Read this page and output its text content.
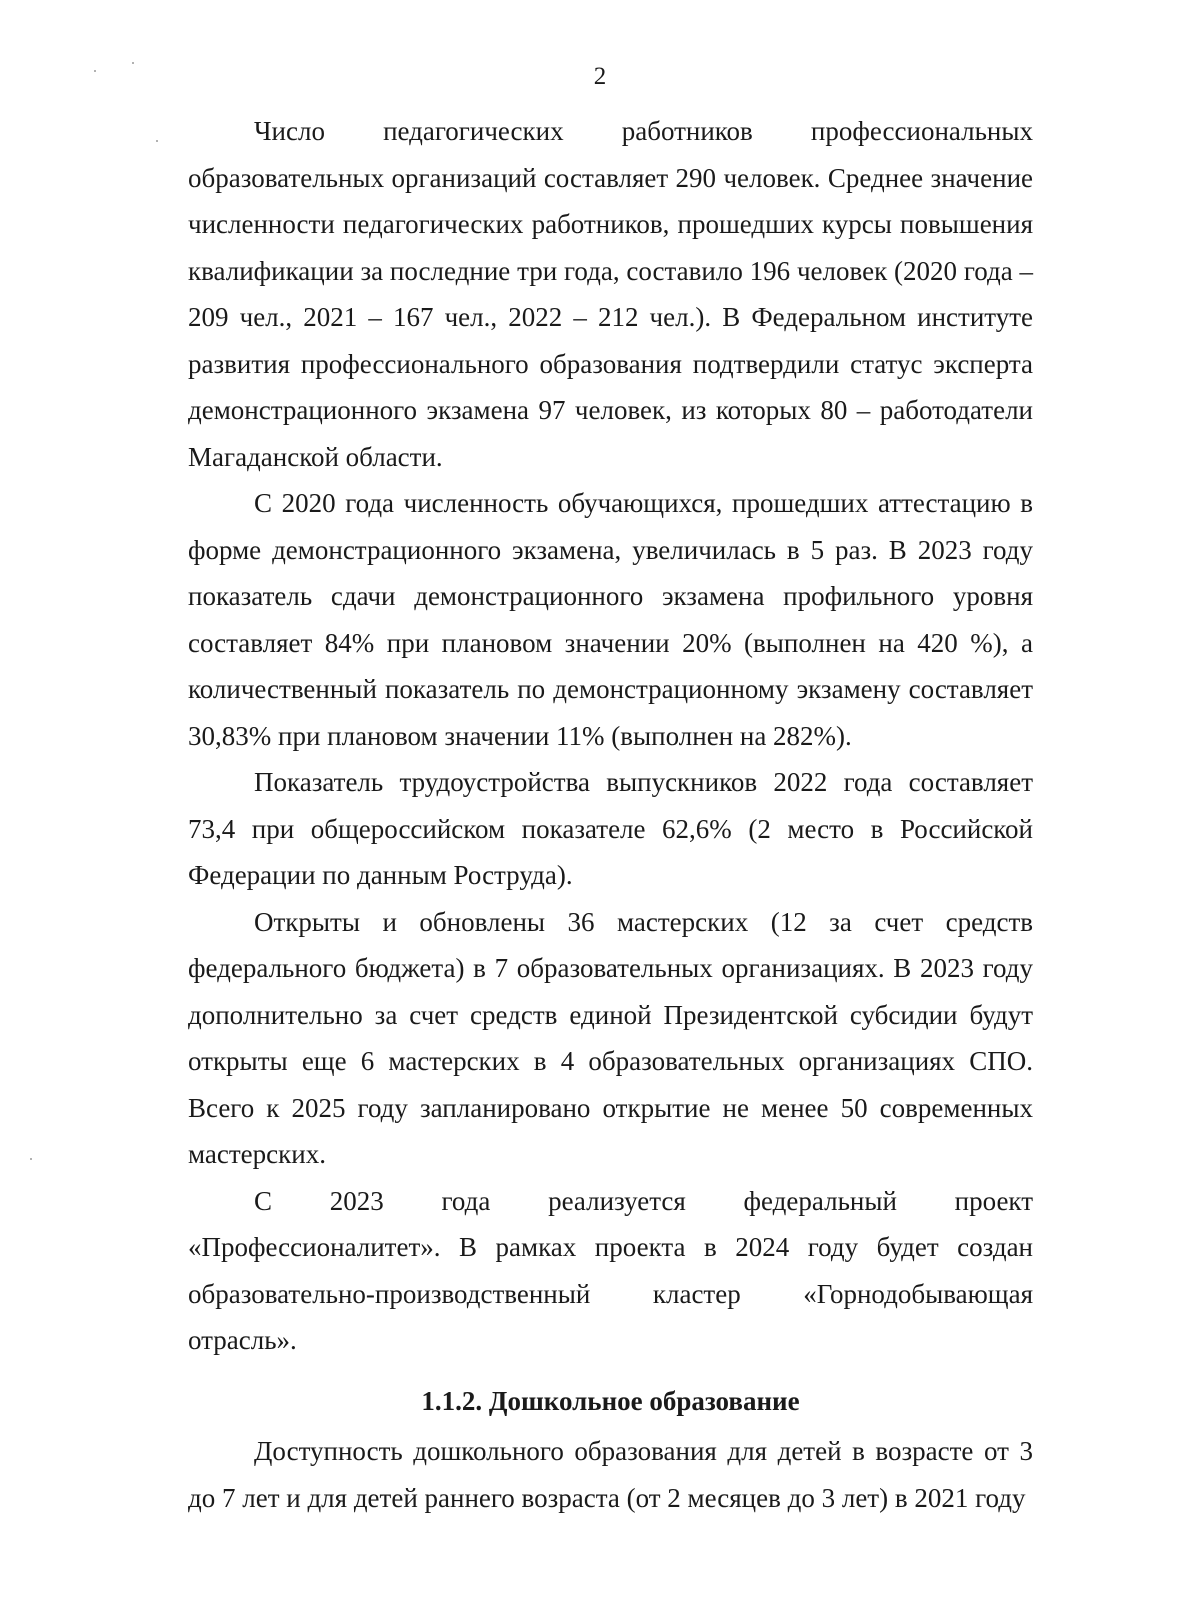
2

Число педагогических работников профессиональных образовательных организаций составляет 290 человек. Среднее значение численности педагогических работников, прошедших курсы повышения квалификации за последние три года, составило 196 человек (2020 года – 209 чел., 2021 – 167 чел., 2022 – 212 чел.). В Федеральном институте развития профессионального образования подтвердили статус эксперта демонстрационного экзамена 97 человек, из которых 80 – работодатели Магаданской области.

С 2020 года численность обучающихся, прошедших аттестацию в форме демонстрационного экзамена, увеличилась в 5 раз. В 2023 году показатель сдачи демонстрационного экзамена профильного уровня составляет 84% при плановом значении 20% (выполнен на 420 %), а количественный показатель по демонстрационному экзамену составляет 30,83% при плановом значении 11% (выполнен на 282%).

Показатель трудоустройства выпускников 2022 года составляет 73,4 при общероссийском показателе 62,6% (2 место в Российской Федерации по данным Роструда).

Открыты и обновлены 36 мастерских (12 за счет средств федерального бюджета) в 7 образовательных организациях. В 2023 году дополнительно за счет средств единой Президентской субсидии будут открыты еще 6 мастерских в 4 образовательных организациях СПО. Всего к 2025 году запланировано открытие не менее 50 современных мастерских.

С 2023 года реализуется федеральный проект «Профессионалитет». В рамках проекта в 2024 году будет создан образовательно-производственный кластер «Горнодобывающая отрасль».

1.1.2. Дошкольное образование

Доступность дошкольного образования для детей в возрасте от 3 до 7 лет и для детей раннего возраста (от 2 месяцев до 3 лет) в 2021 году
